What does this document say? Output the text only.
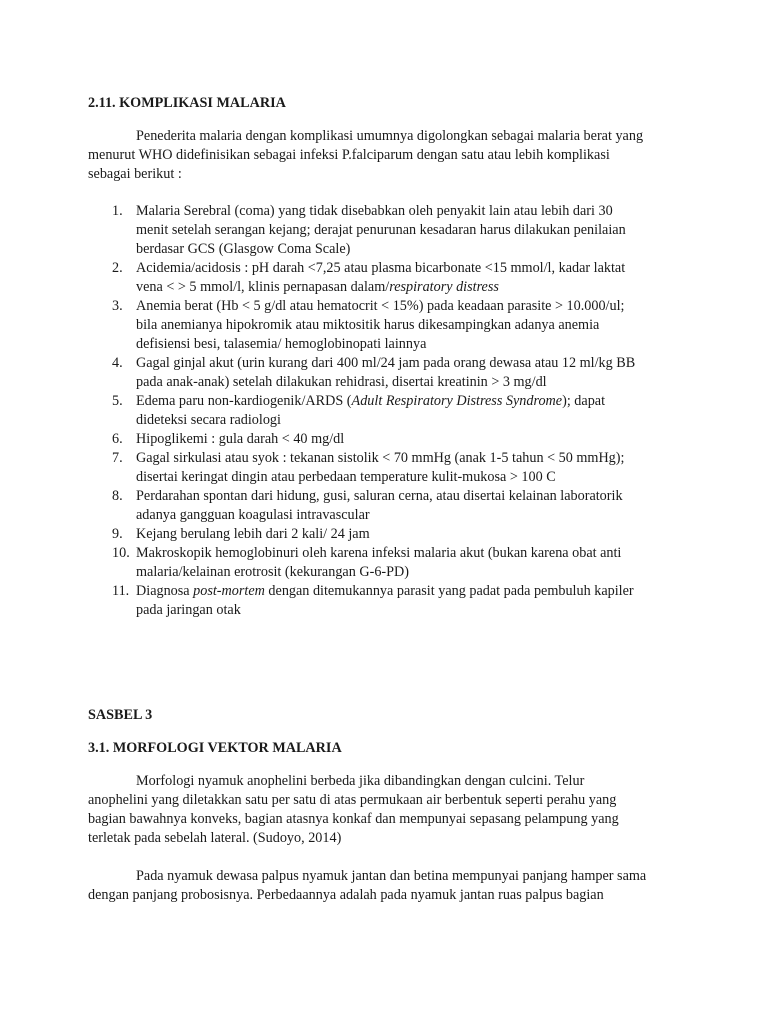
2.11. KOMPLIKASI MALARIA
Penederita malaria dengan komplikasi umumnya digolongkan sebagai malaria berat yang
menurut WHO didefinisikan sebagai infeksi P.falciparum dengan satu atau lebih komplikasi
sebagai berikut :
1. Malaria Serebral (coma) yang tidak disebabkan oleh penyakit lain atau lebih dari 30
menit setelah serangan kejang; derajat penurunan kesadaran harus dilakukan penilaian
berdasar GCS (Glasgow Coma Scale)
2. Acidemia/acidosis : pH darah <7,25 atau plasma bicarbonate <15 mmol/l, kadar laktat
vena < > 5 mmol/l, klinis pernapasan dalam/respiratory distress
3. Anemia berat (Hb < 5 g/dl atau hematocrit < 15%) pada keadaan parasite > 10.000/ul;
bila anemianya hipokromik atau miktositik harus dikesampingkan adanya anemia
defisiensi besi, talasemia/ hemoglobinopati lainnya
4. Gagal ginjal akut (urin kurang dari 400 ml/24 jam pada orang dewasa atau 12 ml/kg BB
pada anak-anak) setelah dilakukan rehidrasi, disertai kreatinin > 3 mg/dl
5. Edema paru non-kardiogenik/ARDS (Adult Respiratory Distress Syndrome); dapat
dideteksi secara radiologi
6. Hipoglikemi : gula darah < 40 mg/dl
7. Gagal sirkulasi atau syok : tekanan sistolik < 70 mmHg (anak 1-5 tahun < 50 mmHg);
disertai keringat dingin atau perbedaan temperature kulit-mukosa > 100 C
8. Perdarahan spontan dari hidung, gusi, saluran cerna, atau disertai kelainan laboratorik
adanya gangguan koagulasi intravascular
9. Kejang berulang lebih dari 2 kali/ 24 jam
10. Makroskopik hemoglobinuri oleh karena infeksi malaria akut (bukan karena obat anti
malaria/kelainan erotrosit (kekurangan G-6-PD)
11. Diagnosa post-mortem dengan ditemukannya parasit yang padat pada pembuluh kapiler
pada jaringan otak
SASBEL 3
3.1. MORFOLOGI VEKTOR MALARIA
Morfologi nyamuk anophelini berbeda jika dibandingkan dengan culcini. Telur
anophelini yang diletakkan satu per satu di atas permukaan air berbentuk seperti perahu yang
bagian bawahnya konveks, bagian atasnya konkaf dan mempunyai sepasang pelampung yang
terletak pada sebelah lateral. (Sudoyo, 2014)
Pada nyamuk dewasa palpus nyamuk jantan dan betina mempunyai panjang hamper sama
dengan panjang probosisnya. Perbedaannya adalah pada nyamuk jantan ruas palpus bagian
